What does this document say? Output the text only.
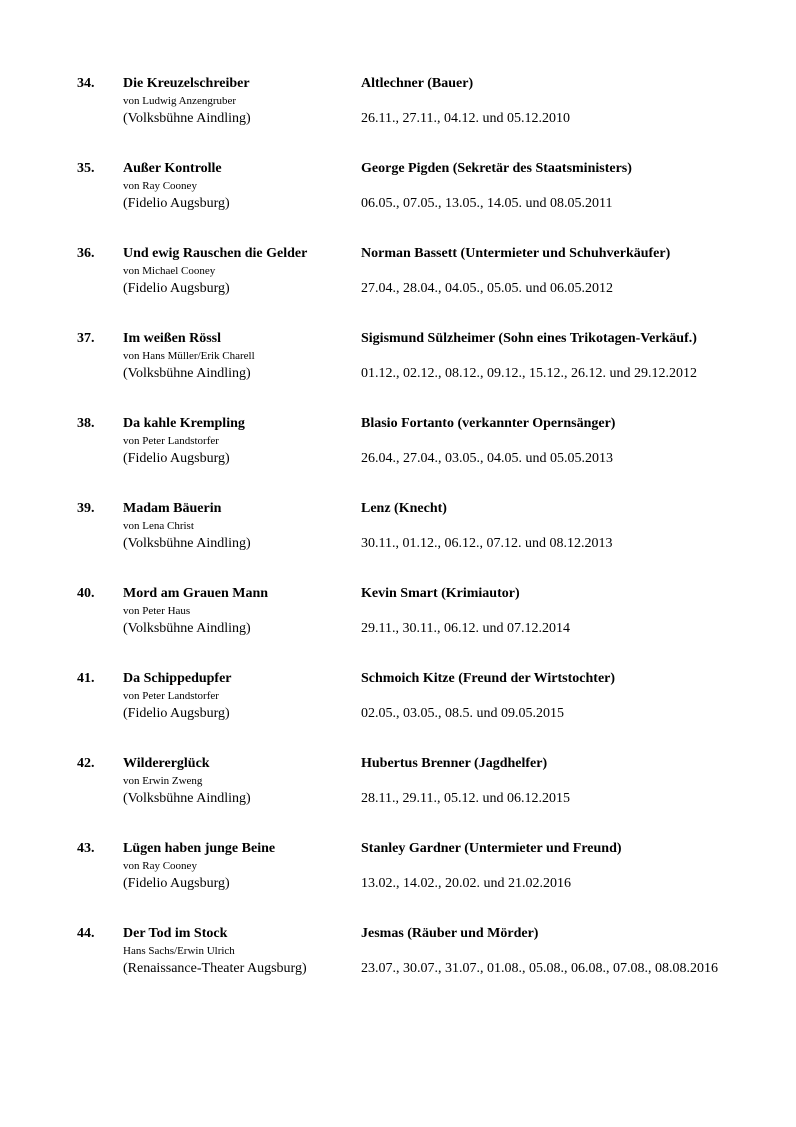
34. Die Kreuzelschreiber
von Ludwig Anzengruber
(Volksbühne Aindling)
Altlechner (Bauer)
26.11., 27.11., 04.12. und 05.12.2010
35. Außer Kontrolle
von Ray Cooney
(Fidelio Augsburg)
George Pigden (Sekretär des Staatsministers)
06.05., 07.05., 13.05., 14.05. und 08.05.2011
36. Und ewig Rauschen die Gelder
von Michael Cooney
(Fidelio Augsburg)
Norman Bassett (Untermieter und Schuhverkäufer)
27.04., 28.04., 04.05., 05.05. und 06.05.2012
37. Im weißen Rössl
von Hans Müller/Erik Charell
(Volksbühne Aindling)
Sigismund Sülzheimer (Sohn eines Trikotagen-Verkäuf.)
01.12., 02.12., 08.12., 09.12., 15.12., 26.12. und 29.12.2012
38. Da kahle Krempling
von Peter Landstorfer
(Fidelio Augsburg)
Blasio Fortanto (verkannter Opernsänger)
26.04., 27.04., 03.05., 04.05. und 05.05.2013
39. Madam Bäuerin
von Lena Christ
(Volksbühne Aindling)
Lenz (Knecht)
30.11., 01.12., 06.12., 07.12. und 08.12.2013
40. Mord am Grauen Mann
von Peter Haus
(Volksbühne Aindling)
Kevin Smart (Krimiautor)
29.11., 30.11., 06.12. und 07.12.2014
41. Da Schippedupfer
von Peter Landstorfer
(Fidelio Augsburg)
Schmoich Kitze (Freund der Wirtstochter)
02.05., 03.05., 08.5. und 09.05.2015
42. Wildererglück
von Erwin Zweng
(Volksbühne Aindling)
Hubertus Brenner (Jagdhelfer)
28.11., 29.11., 05.12. und 06.12.2015
43. Lügen haben junge Beine
von Ray Cooney
(Fidelio Augsburg)
Stanley Gardner (Untermieter und Freund)
13.02., 14.02., 20.02. und 21.02.2016
44. Der Tod im Stock
Hans Sachs/Erwin Ulrich
(Renaissance-Theater Augsburg)
Jesmas (Räuber und Mörder)
23.07., 30.07., 31.07., 01.08., 05.08., 06.08., 07.08., 08.08.2016
